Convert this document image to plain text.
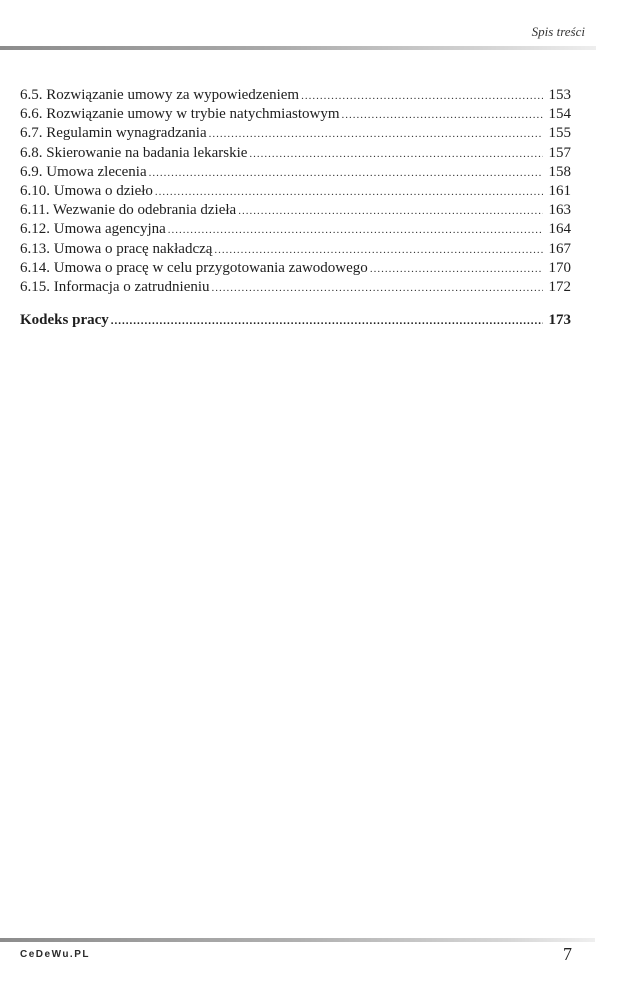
Spis treści
6.5. Rozwiązanie umowy za wypowiedzeniem .....	153
6.6. Rozwiązanie umowy w trybie natychmiastowym .....	154
6.7. Regulamin wynagradzania .....	155
6.8. Skierowanie na badania lekarskie .....	157
6.9. Umowa zlecenia .....	158
6.10. Umowa o dzieło .....	161
6.11. Wezwanie do odebrania dzieła .....	163
6.12. Umowa agencyjna .....	164
6.13. Umowa o pracę nakładczą .....	167
6.14. Umowa o pracę w celu przygotowania zawodowego .....	170
6.15. Informacja o zatrudnieniu .....	172
Kodeks pracy .....	173
CeDeWu.PL	7
